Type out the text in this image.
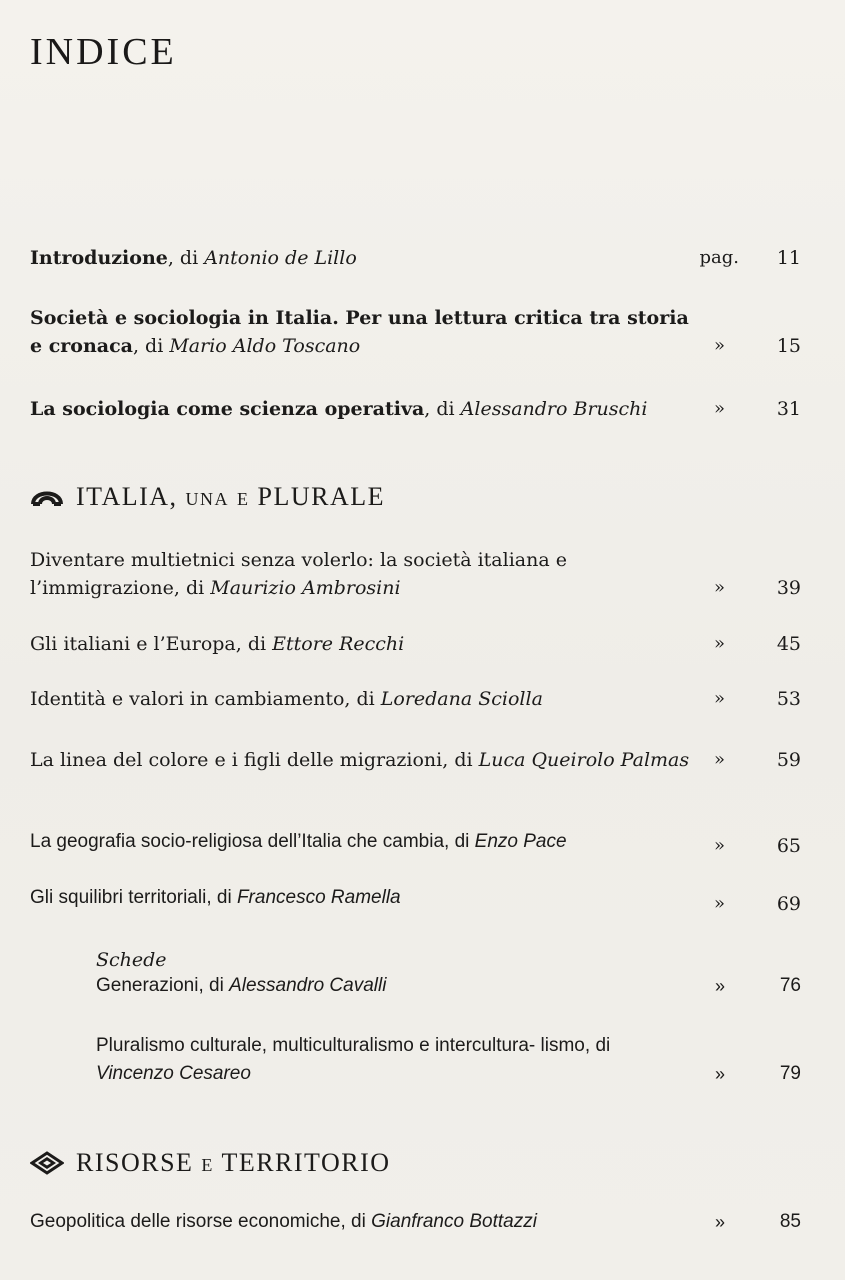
INDICE
Introduzione, di Antonio de Lillo	pag.	11
Società e sociologia in Italia. Per una lettura critica tra storia e cronaca, di Mario Aldo Toscano	»	15
La sociologia come scienza operativa, di Alessandro Bruschi	»	31
ITALIA, una e PLURALE
Diventare multietnici senza volerlo: la società italiana e l’immigrazione, di Maurizio Ambrosini	»	39
Gli italiani e l’Europa, di Ettore Recchi	»	45
Identità e valori in cambiamento, di Loredana Sciolla	»	53
La linea del colore e i figli delle migrazioni, di Luca Queirolo Palmas	»	59
La geografia socio-religiosa dell’Italia che cambia, di Enzo Pace	»	65
Gli squilibri territoriali, di Francesco Ramella	»	69
Schede
Generazioni, di Alessandro Cavalli	»	76
Pluralismo culturale, multiculturalismo e intercultura- lismo, di Vincenzo Cesareo	»	79
RISORSE e TERRITORIO
Geopolitica delle risorse economiche, di Gianfranco Bottazzi	»	85
